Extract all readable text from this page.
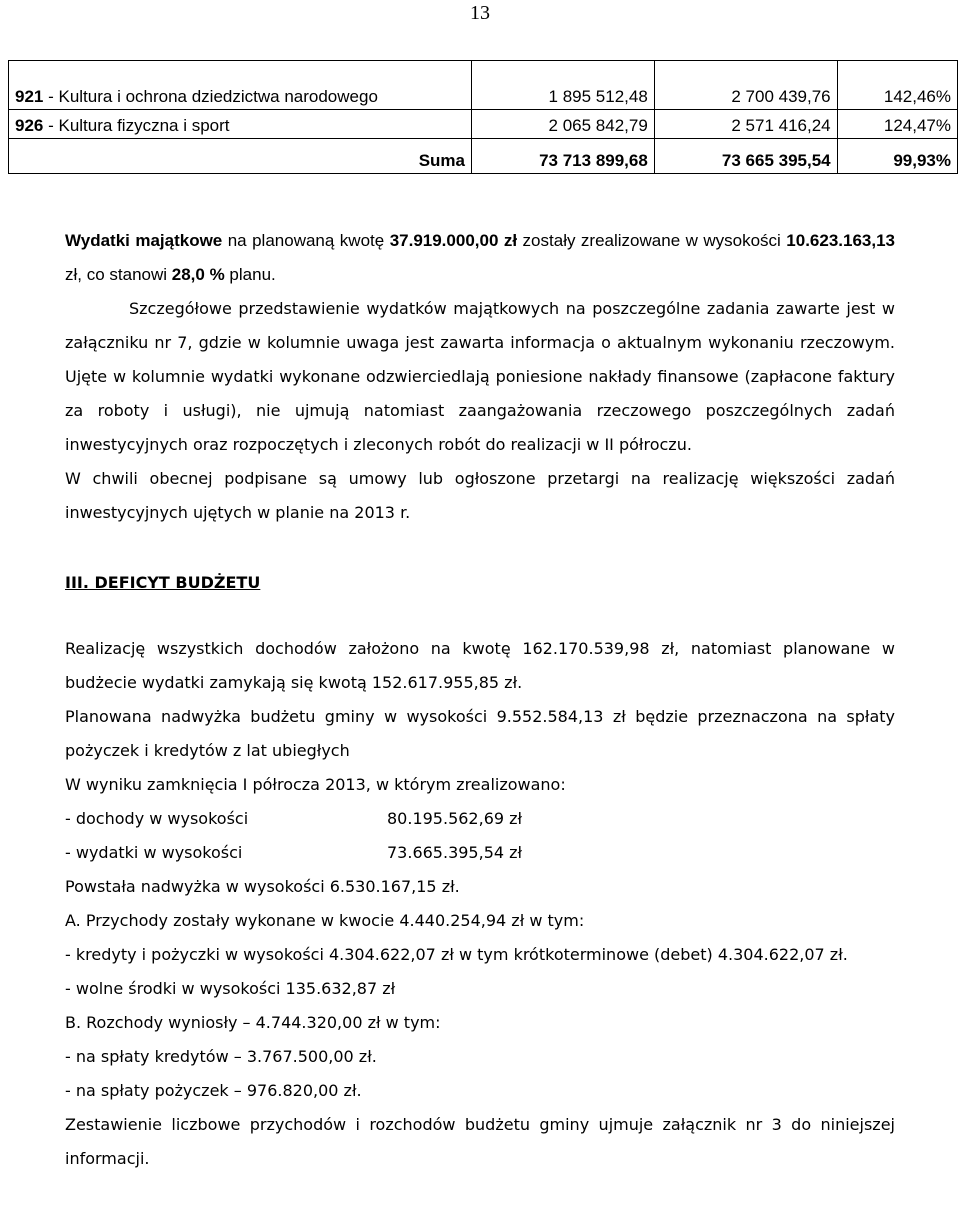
13
921 - Kultura i ochrona dziedzictwa narodowego	1 895 512,48	2 700 439,76	142,46%
926 - Kultura fizyczna i sport	2 065 842,79	2 571 416,24	124,47%
Suma	73 713 899,68	73 665 395,54	99,93%

Wydatki majątkowe na planowaną kwotę 37.919.000,00 zł zostały zrealizowane w wysokości 10.623.163,13 zł, co stanowi 28,0 % planu.

Szczegółowe przedstawienie wydatków majątkowych na poszczególne zadania zawarte jest w załączniku nr 7, gdzie w kolumnie uwaga jest zawarta informacja o aktualnym wykonaniu rzeczowym. Ujęte w kolumnie wydatki wykonane odzwierciedlają poniesione nakłady finansowe (zapłacone faktury za roboty i usługi), nie ujmują natomiast zaangażowania rzeczowego poszczególnych zadań inwestycyjnych oraz rozpoczętych i zleconych robót do realizacji w II półroczu.

W chwili obecnej podpisane są umowy lub ogłoszone przetargi na realizację większości zadań inwestycyjnych ujętych w planie na 2013 r.

III. DEFICYT BUDŻETU

Realizację wszystkich dochodów założono na kwotę 162.170.539,98 zł, natomiast planowane w budżecie wydatki zamykają się kwotą 152.617.955,85 zł.

Planowana nadwyżka budżetu gminy w wysokości 9.552.584,13 zł będzie przeznaczona na spłaty pożyczek i kredytów z lat ubiegłych

W wyniku zamknięcia I półrocza 2013, w którym zrealizowano:

- dochody w wysokości	80.195.562,69 zł

- wydatki w wysokości	73.665.395,54 zł

Powstała nadwyżka w wysokości 6.530.167,15 zł.

A. Przychody zostały wykonane w kwocie 4.440.254,94 zł w tym:

- kredyty i pożyczki w wysokości 4.304.622,07 zł w tym krótkoterminowe (debet) 4.304.622,07 zł.

- wolne środki w wysokości 135.632,87 zł

B. Rozchody wyniosły – 4.744.320,00 zł w tym:

- na spłaty kredytów – 3.767.500,00 zł.

- na spłaty pożyczek – 976.820,00 zł.

Zestawienie liczbowe przychodów i rozchodów budżetu gminy ujmuje załącznik nr 3 do niniejszej informacji.
